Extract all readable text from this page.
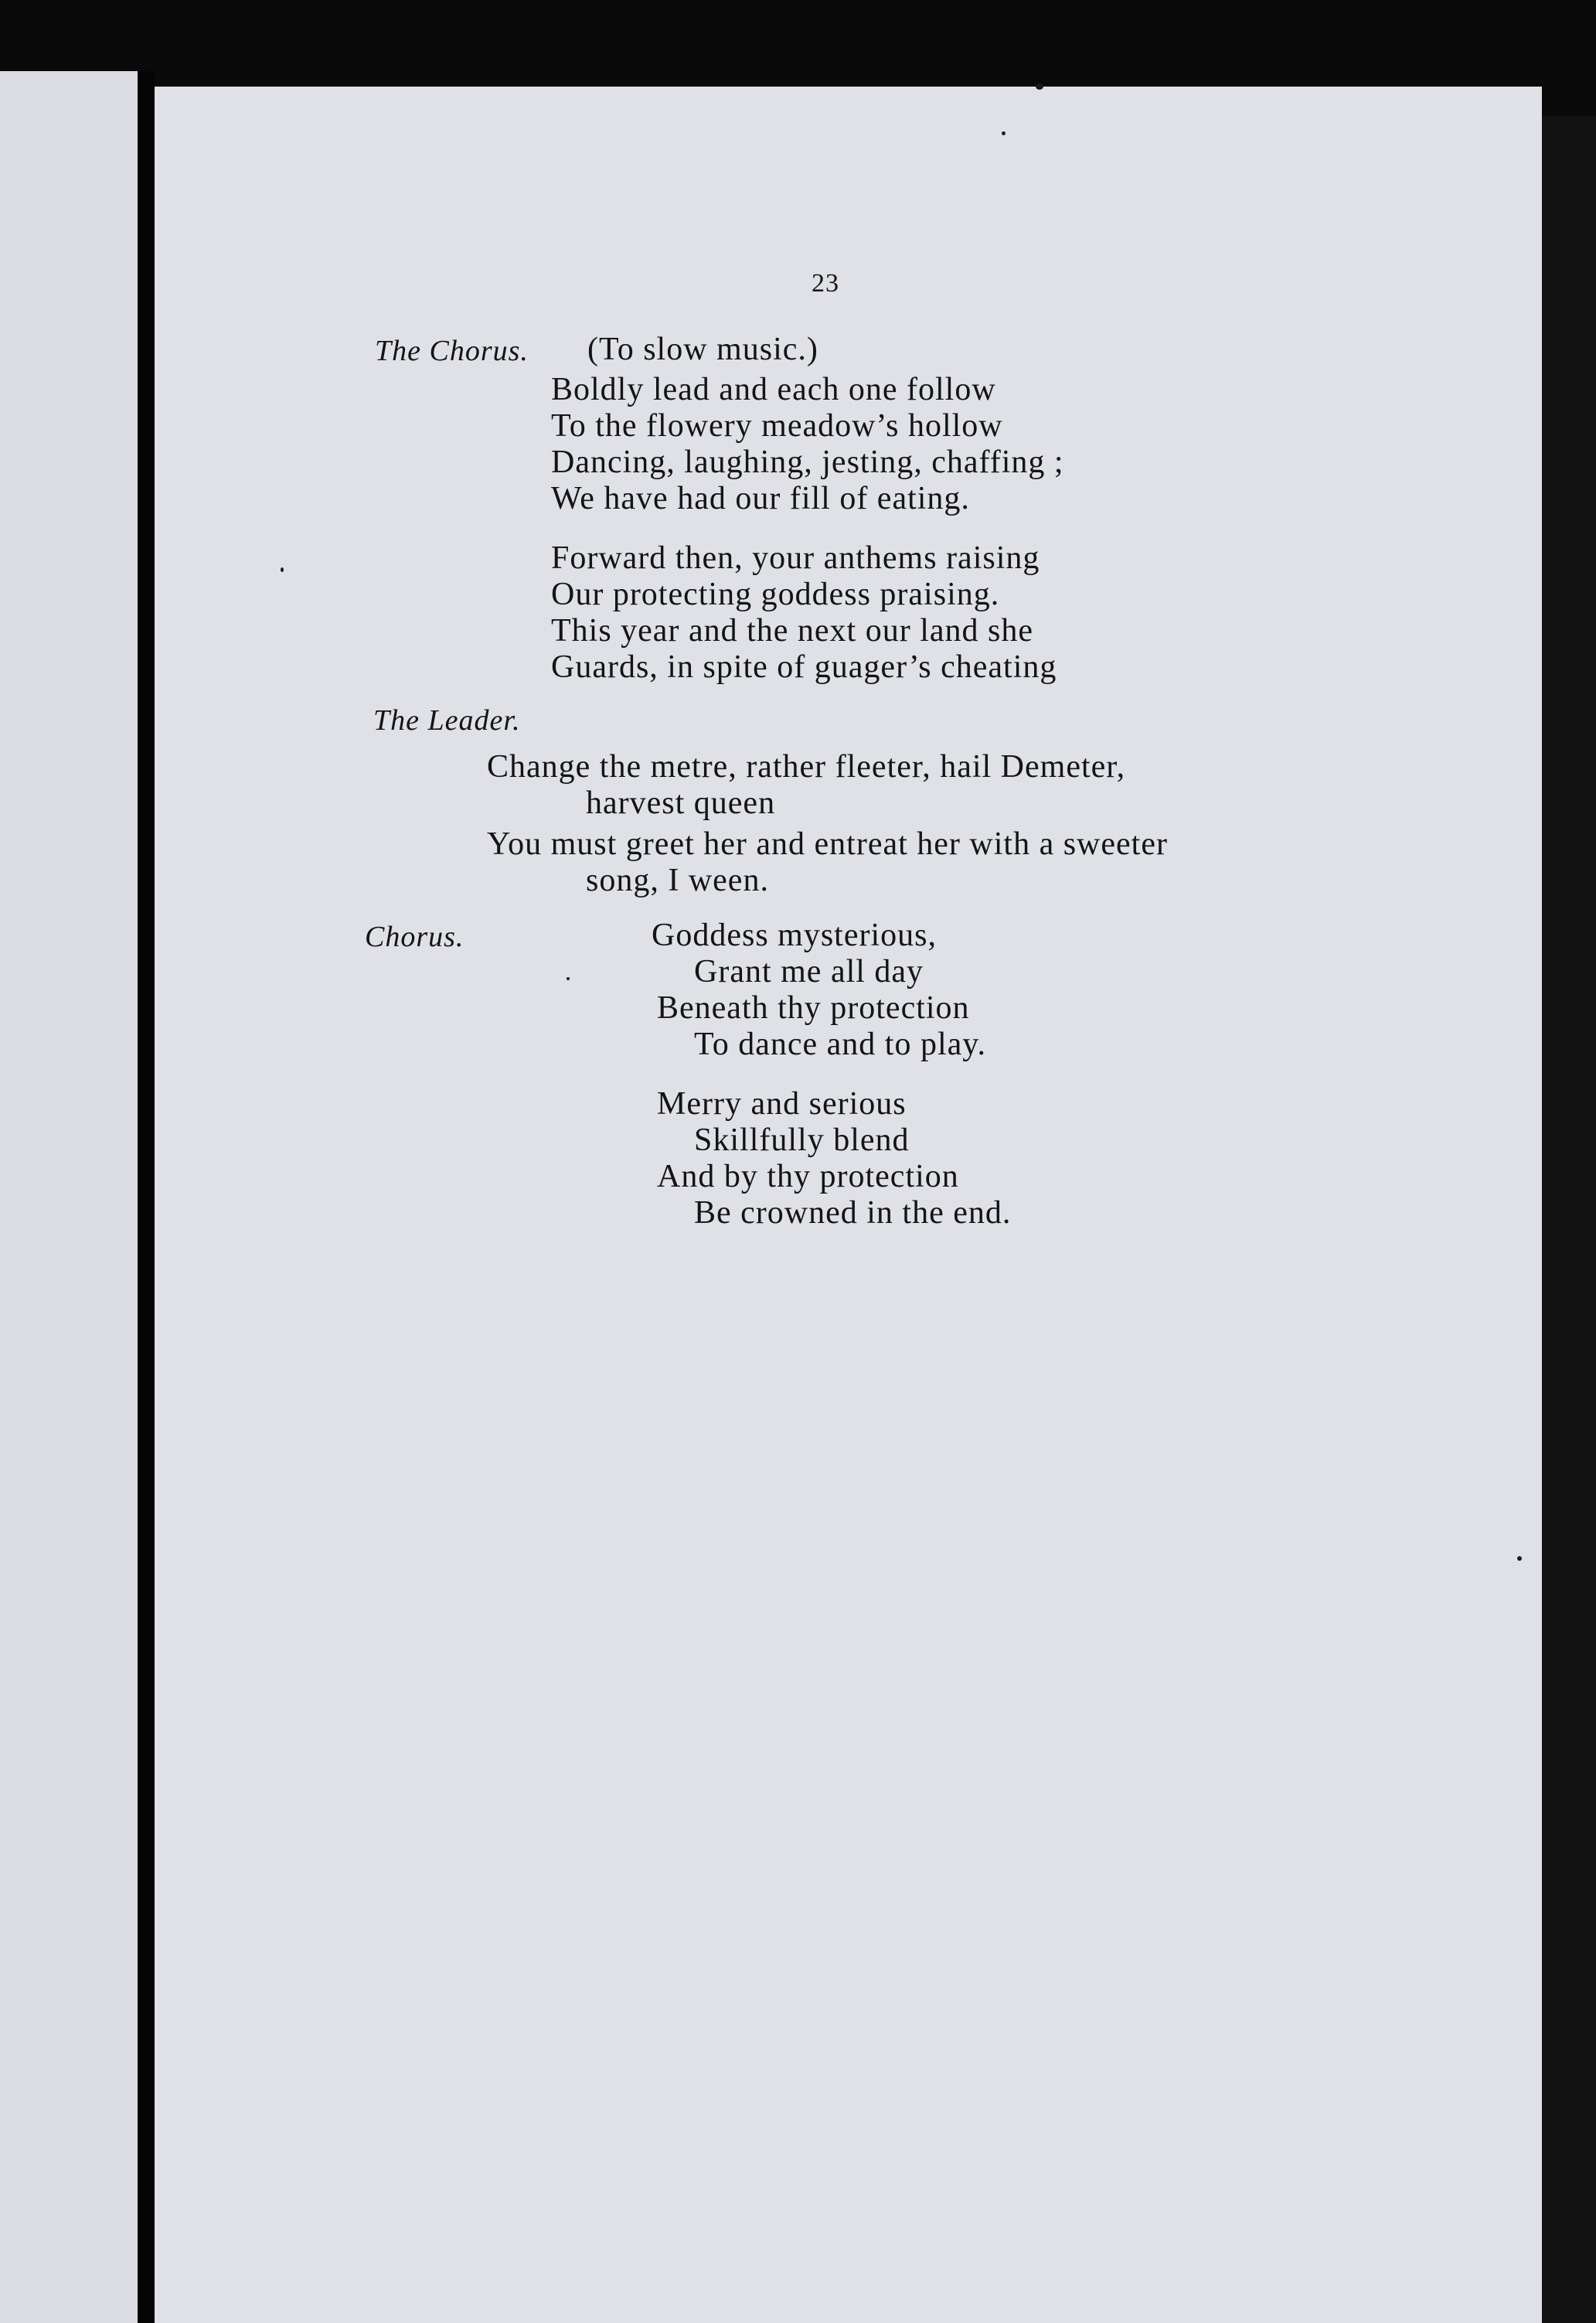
23
The Chorus. (To slow music.)
Boldly lead and each one follow
To the flowery meadow’s hollow
Dancing, laughing, jesting, chaffing ;
We have had our fill of eating.
Forward then, your anthems raising
Our protecting goddess praising.
This year and the next our land she
Guards, in spite of guager’s cheating
The Leader.
Change the metre, rather fleeter, hail Demeter,
harvest queen
You must greet her and entreat her with a sweeter
song, I ween.
Chorus.	Goddess mysterious,
Grant me all day
Beneath thy protection
To dance and to play.
Merry and serious
Skillfully blend
And by thy protection
Be crowned in the end.
